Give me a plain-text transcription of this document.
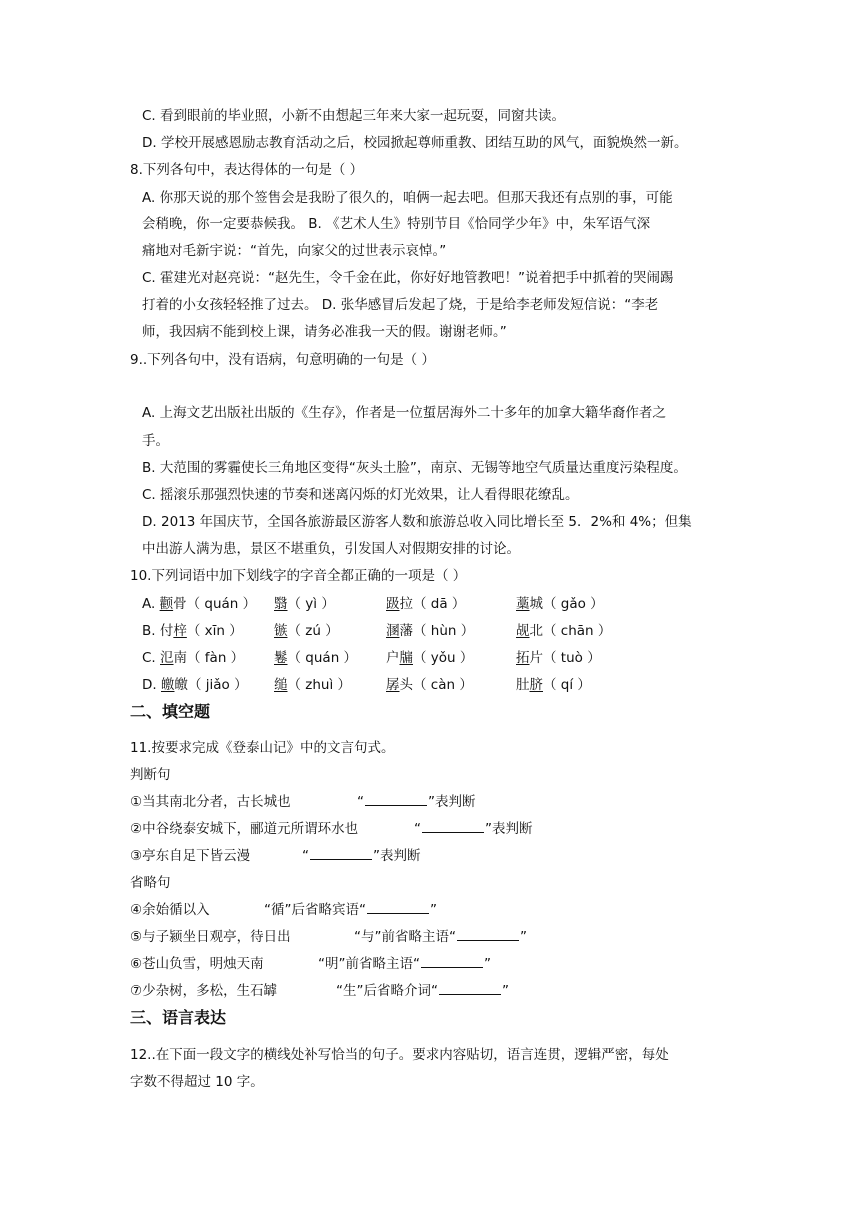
C. 看到眼前的毕业照，小新不由想起三年来大家一起玩耍，同窗共读。
D. 学校开展感恩励志教育活动之后，校园掀起尊师重教、团结互助的风气，面貌焕然一新。
8.下列各句中，表达得体的一句是（ ）
A. 你那天说的那个签售会是我盼了很久的，咱俩一起去吧。但那天我还有点别的事，可能
会稍晚，你一定要恭候我。 B. 《艺术人生》特别节目《恰同学少年》中，朱军语气深
痛地对毛新宇说：“首先，向家父的过世表示哀悼。”
C. 霍建光对赵亮说：“赵先生，令千金在此，你好好地管教吧！”说着把手中抓着的哭闹踢
打着的小女孩轻轻推了过去。 D. 张华感冒后发起了烧，于是给李老师发短信说：“李老
师，我因病不能到校上课，请务必准我一天的假。谢谢老师。”
9..下列各句中，没有语病，句意明确的一句是（ ）
A. 上海文艺出版社出版的《生存》，作者是一位蜇居海外二十多年的加拿大籍华裔作者之
手。
B. 大范围的雾霾使长三角地区变得“灰头土脸”，南京、无锡等地空气质量达重度污染程度。
C. 摇滚乐那强烈快速的节奏和迷离闪烁的灯光效果，让人看得眼花缭乱。
D. 2013 年国庆节，全国各旅游最区游客人数和旅游总收入同比增长至 5．2%和 4%；但集
中出游人满为患，景区不堪重负，引发国人对假期安排的讨论。
10.下列词语中加下划线字的字音全都正确的一项是（ ）
A. 颧骨（ quán ） 翳（ yì ）	趿拉（ dā ）	藁城（ gǎo ）
B. 付梓（ xīn ） 镞（ zú ）	溷藩（ hùn ）	觇北（ chān ）
C. 氾南（ fàn ） 鬈（ quán ） 户牖（ yǒu ）	拓片（ tuò ）
D. 皦皦（ jiǎo ） 缒（ zhuì ）	孱头（ càn ）	肚脐（ qí ）
二、填空题
11.按要求完成《登泰山记》中的文言句式。
判断句
①当其南北分者，古长城也	“	”表判断
②中谷绕泰安城下，郦道元所谓环水也	“	”表判断
③亭东自足下皆云漫	“	”表判断
省略句
④余始循以入	“循”后省略宾语“	”
⑤与子颍坐日观亭，待日出	“与”前省略主语“	”
⑥苍山负雪，明烛天南	“明”前省略主语“	”
⑦少杂树，多松，生石罅	“生”后省略介词“	”
三、语言表达
12..在下面一段文字的横线处补写恰当的句子。要求内容贴切，语言连贯，逻辑严密，每处
字数不得超过 10 字。
